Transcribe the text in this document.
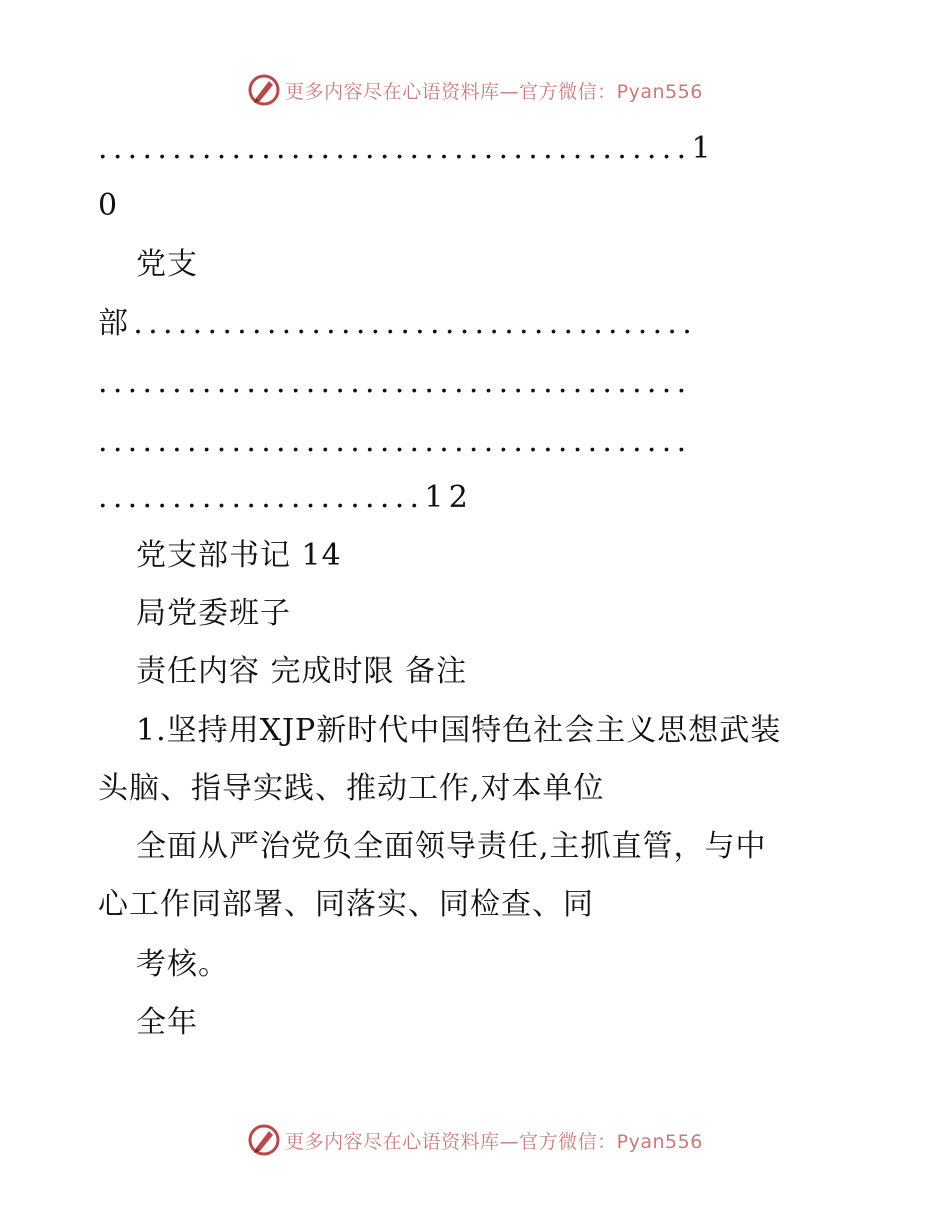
更多内容尽在心语资料库—官方微信：Pyan556
........................................1
0
党支
部......................................
........................................
........................................
......................12
党支部书记 14
局党委班子
责任内容 完成时限 备注
1.坚持用XJP新时代中国特色社会主义思想武装
头脑、指导实践、推动工作,对本单位
全面从严治党负全面领导责任,主抓直管，与中
心工作同部署、同落实、同检查、同
考核。
全年
更多内容尽在心语资料库—官方微信：Pyan556
